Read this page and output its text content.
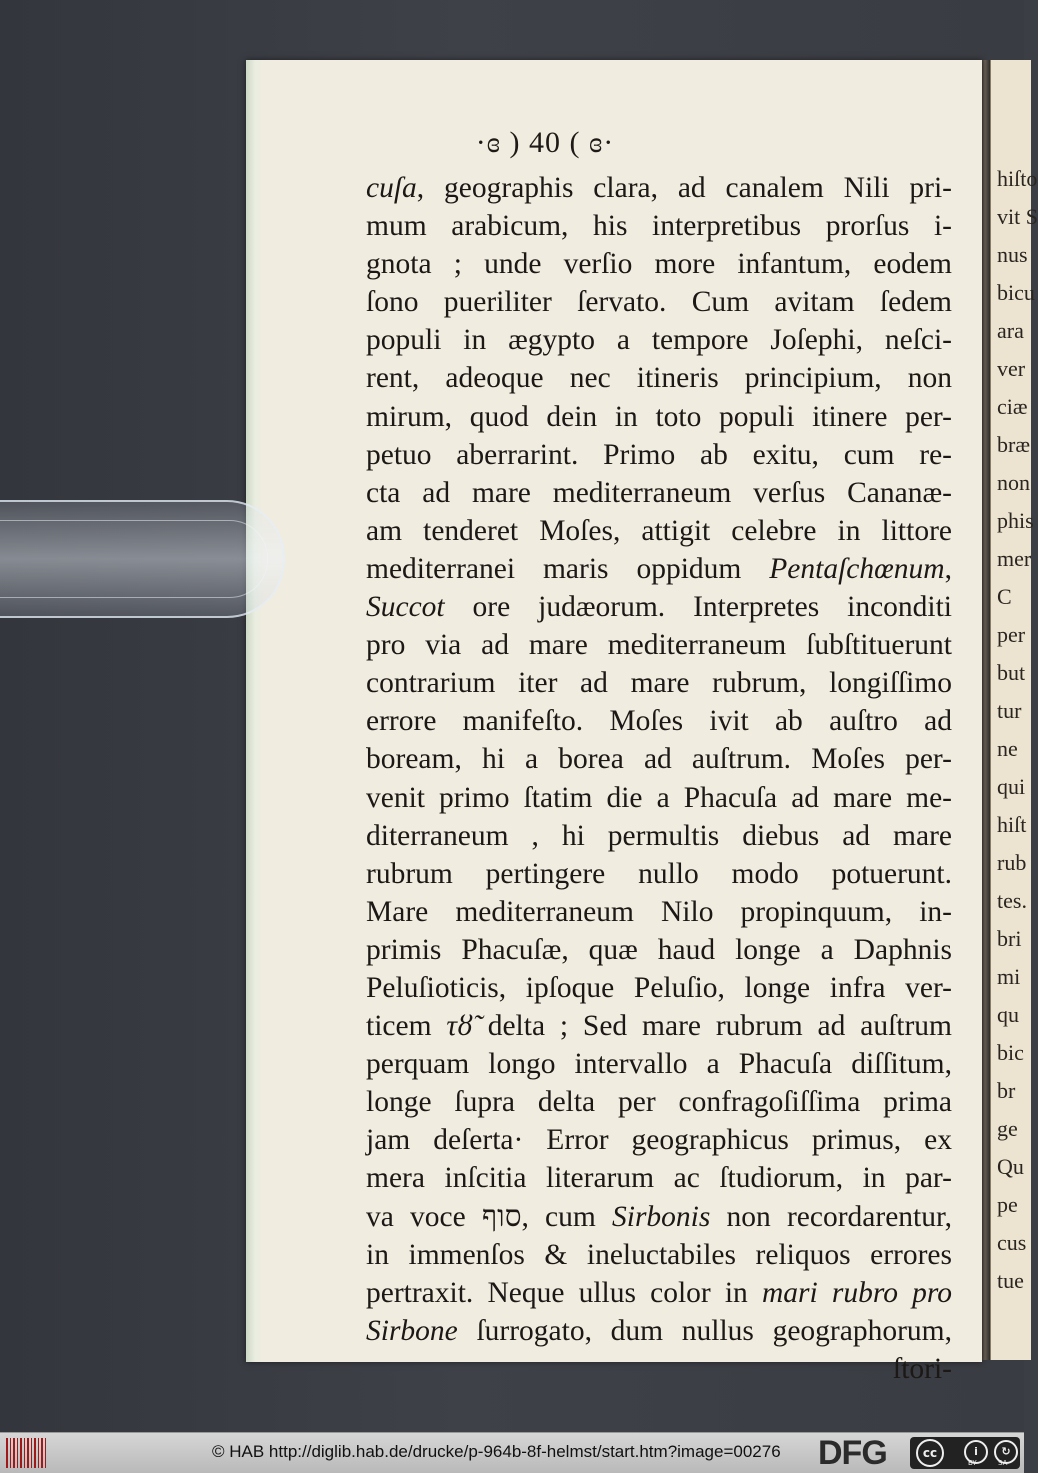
hiſto
vit S
nus
bicu
ara
ver
ciæ
bræ
non
phis
mer
C
per
but
tur
ne
qui
hiſt
rub
tes.
bri
mi
qu
bic
br
ge
Qu
pe
cus
tue
·ɞ ) 40 ( ɞ·
cuſa, geographis clara, ad canalem Nili pri-
mum arabicum, his interpretibus prorſus i-
gnota ; unde verſio more infantum, eodem
ſono pueriliter ſervato. Cum avitam ſedem
populi in ægypto a tempore Joſephi, neſci-
rent, adeoque nec itineris principium, non
mirum, quod dein in toto populi itinere per-
petuo aberrarint. Primo ab exitu, cum re-
cta ad mare mediterraneum verſus Cananæ-
am tenderet Moſes, attigit celebre in littore
mediterranei maris oppidum Pentaſchœnum,
Succot ore judæorum. Interpretes inconditi
pro via ad mare mediterraneum ſubſtituerunt
contrarium iter ad mare rubrum, longiſſimo
errore manifeſto. Moſes ivit ab auſtro ad
boream, hi a borea ad auſtrum. Moſes per-
venit primo ſtatim die a Phacuſa ad mare me-
diterraneum , hi permultis diebus ad mare
rubrum pertingere nullo modo potuerunt.
Mare mediterraneum Nilo propinquum, in-
primis Phacuſæ, quæ haud longe a Daphnis
Peluſioticis, ipſoque Peluſio, longe infra ver-
ticem τȣ̃ delta ; Sed mare rubrum ad auſtrum
perquam longo intervallo a Phacuſa diſſitum,
longe ſupra delta per confragoſiſſima prima
jam deſerta· Error geographicus primus, ex
mera inſcitia literarum ac ſtudiorum, in par-
va voce סוף, cum Sirbonis non recordarentur,
in immenſos & ineluctabiles reliquos errores
pertraxit. Neque ullus color in mari rubro pro
Sirbone ſurrogato, dum nullus geographorum,
ſtori-
© HAB http://diglib.hab.de/drucke/p-964b-8f-helmst/start.htm?image=00276 DFG	cc	i	↻
BY	SA
